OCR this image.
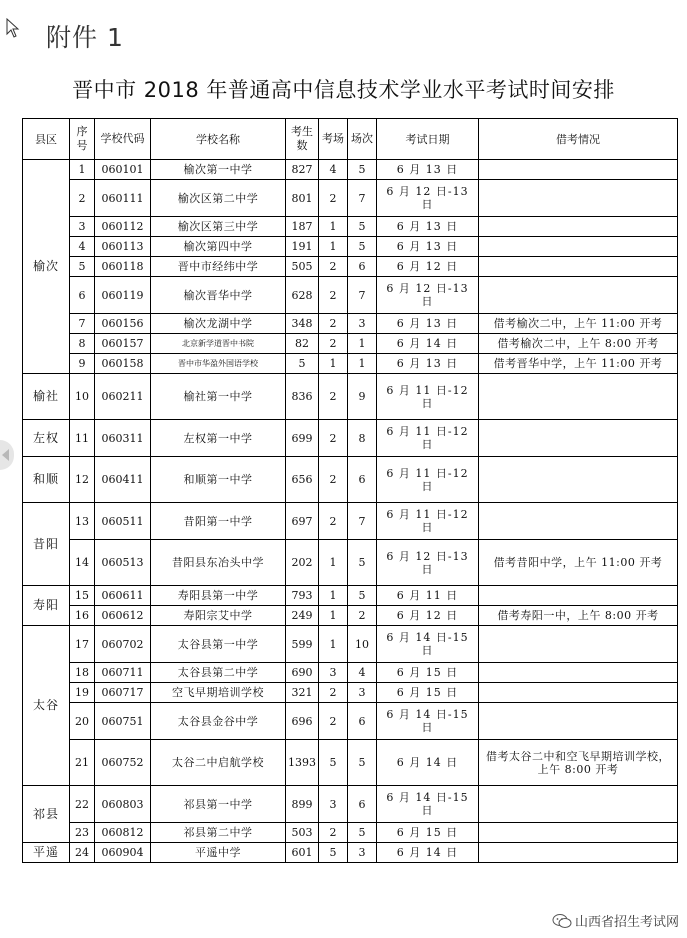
附件 1
晋中市 2018 年普通高中信息技术学业水平考试时间安排
县区	序号	学校代码	学校名称	考生数	考场	场次	考试日期	借考情况
榆次	1	060101	榆次第一中学	827	4	5	6 月 13 日	
	2	060111	榆次区第二中学	801	2	7	6 月 12 日-13 日	
	3	060112	榆次区第三中学	187	1	5	6 月 13 日	
	4	060113	榆次第四中学	191	1	5	6 月 13 日	
	5	060118	晋中市经纬中学	505	2	6	6 月 12 日	
	6	060119	榆次晋华中学	628	2	7	6 月 12 日-13 日	
	7	060156	榆次龙湖中学	348	2	3	6 月 13 日	借考榆次二中，上午 11:00 开考
	8	060157	北京新学道晋中书院	82	2	1	6 月 14 日	借考榆次二中，上午 8:00 开考
	9	060158	晋中市华盈外国语学校	5	1	1	6 月 13 日	借考晋华中学，上午 11:00 开考
榆社	10	060211	榆社第一中学	836	2	9	6 月 11 日-12 日	
左权	11	060311	左权第一中学	699	2	8	6 月 11 日-12 日	
和顺	12	060411	和顺第一中学	656	2	6	6 月 11 日-12 日	
昔阳	13	060511	昔阳第一中学	697	2	7	6 月 11 日-12 日	
	14	060513	昔阳县东冶头中学	202	1	5	6 月 12 日-13 日	借考昔阳中学，上午 11:00 开考
寿阳	15	060611	寿阳县第一中学	793	1	5	6 月 11 日	
	16	060612	寿阳宗艾中学	249	1	2	6 月 12 日	借考寿阳一中，上午 8:00 开考
太谷	17	060702	太谷县第一中学	599	1	10	6 月 14 日-15 日	
	18	060711	太谷县第二中学	690	3	4	6 月 15 日	
	19	060717	空飞早期培训学校	321	2	3	6 月 15 日	
	20	060751	太谷县金谷中学	696	2	6	6 月 14 日-15 日	
	21	060752	太谷二中启航学校	1393	5	5	6 月 14 日	借考太谷二中和空飞早期培训学校，上午 8:00 开考
祁县	22	060803	祁县第一中学	899	3	6	6 月 14 日-15 日	
	23	060812	祁县第二中学	503	2	5	6 月 15 日	
平遥	24	060904	平遥中学	601	5	3	6 月 14 日	
山西省招生考试网
